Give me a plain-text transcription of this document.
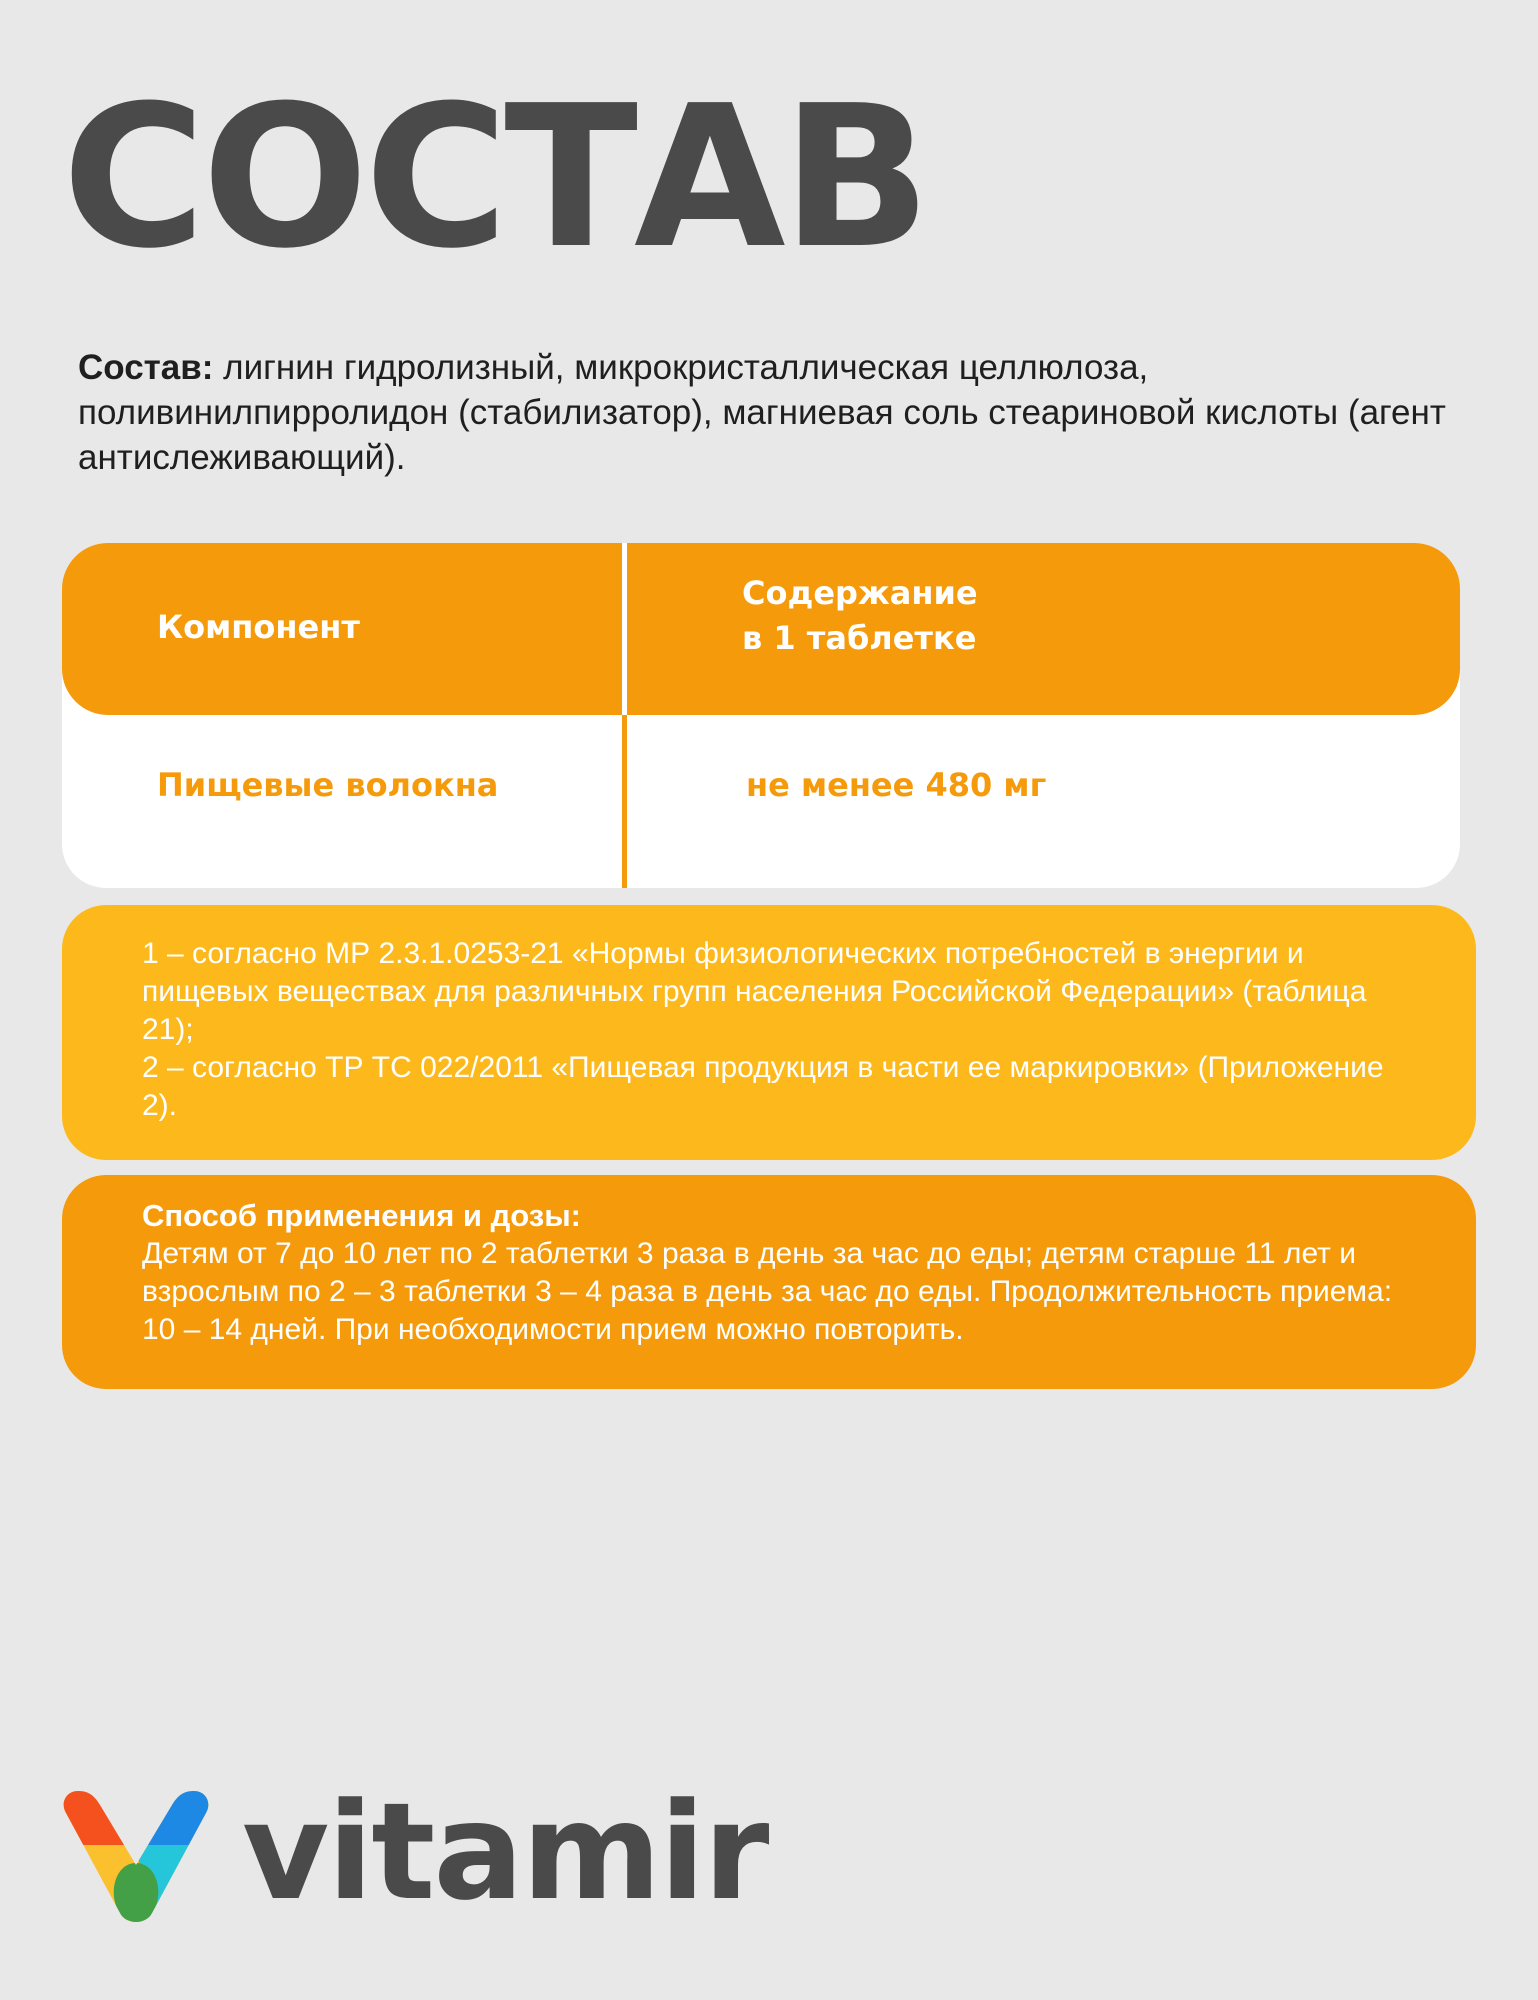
СОСТАВ

Состав: лигнин гидролизный, микрокристаллическая целлюлоза, поливинилпирролидон (стабилизатор), магниевая соль стеариновой кислоты (агент антислеживающий).

Компонент
Содержание
в 1 таблетке
Пищевые волокна	не менее 480 мг

1 – согласно МР 2.3.1.0253-21 «Нормы физиологических потребностей в энергии и пищевых веществах для различных групп населения Российской Федерации» (таблица 21);

2 – согласно ТР ТС 022/2011 «Пищевая продукция в части ее маркировки» (Приложение 2).

Способ применения и дозы:

Детям от 7 до 10 лет по 2 таблетки 3 раза в день за час до еды; детям старше 11 лет и взрослым по 2 – 3 таблетки 3 – 4 раза в день за час до еды. Продолжительность приема: 10 – 14 дней. При необходимости прием можно повторить.

vitamir
